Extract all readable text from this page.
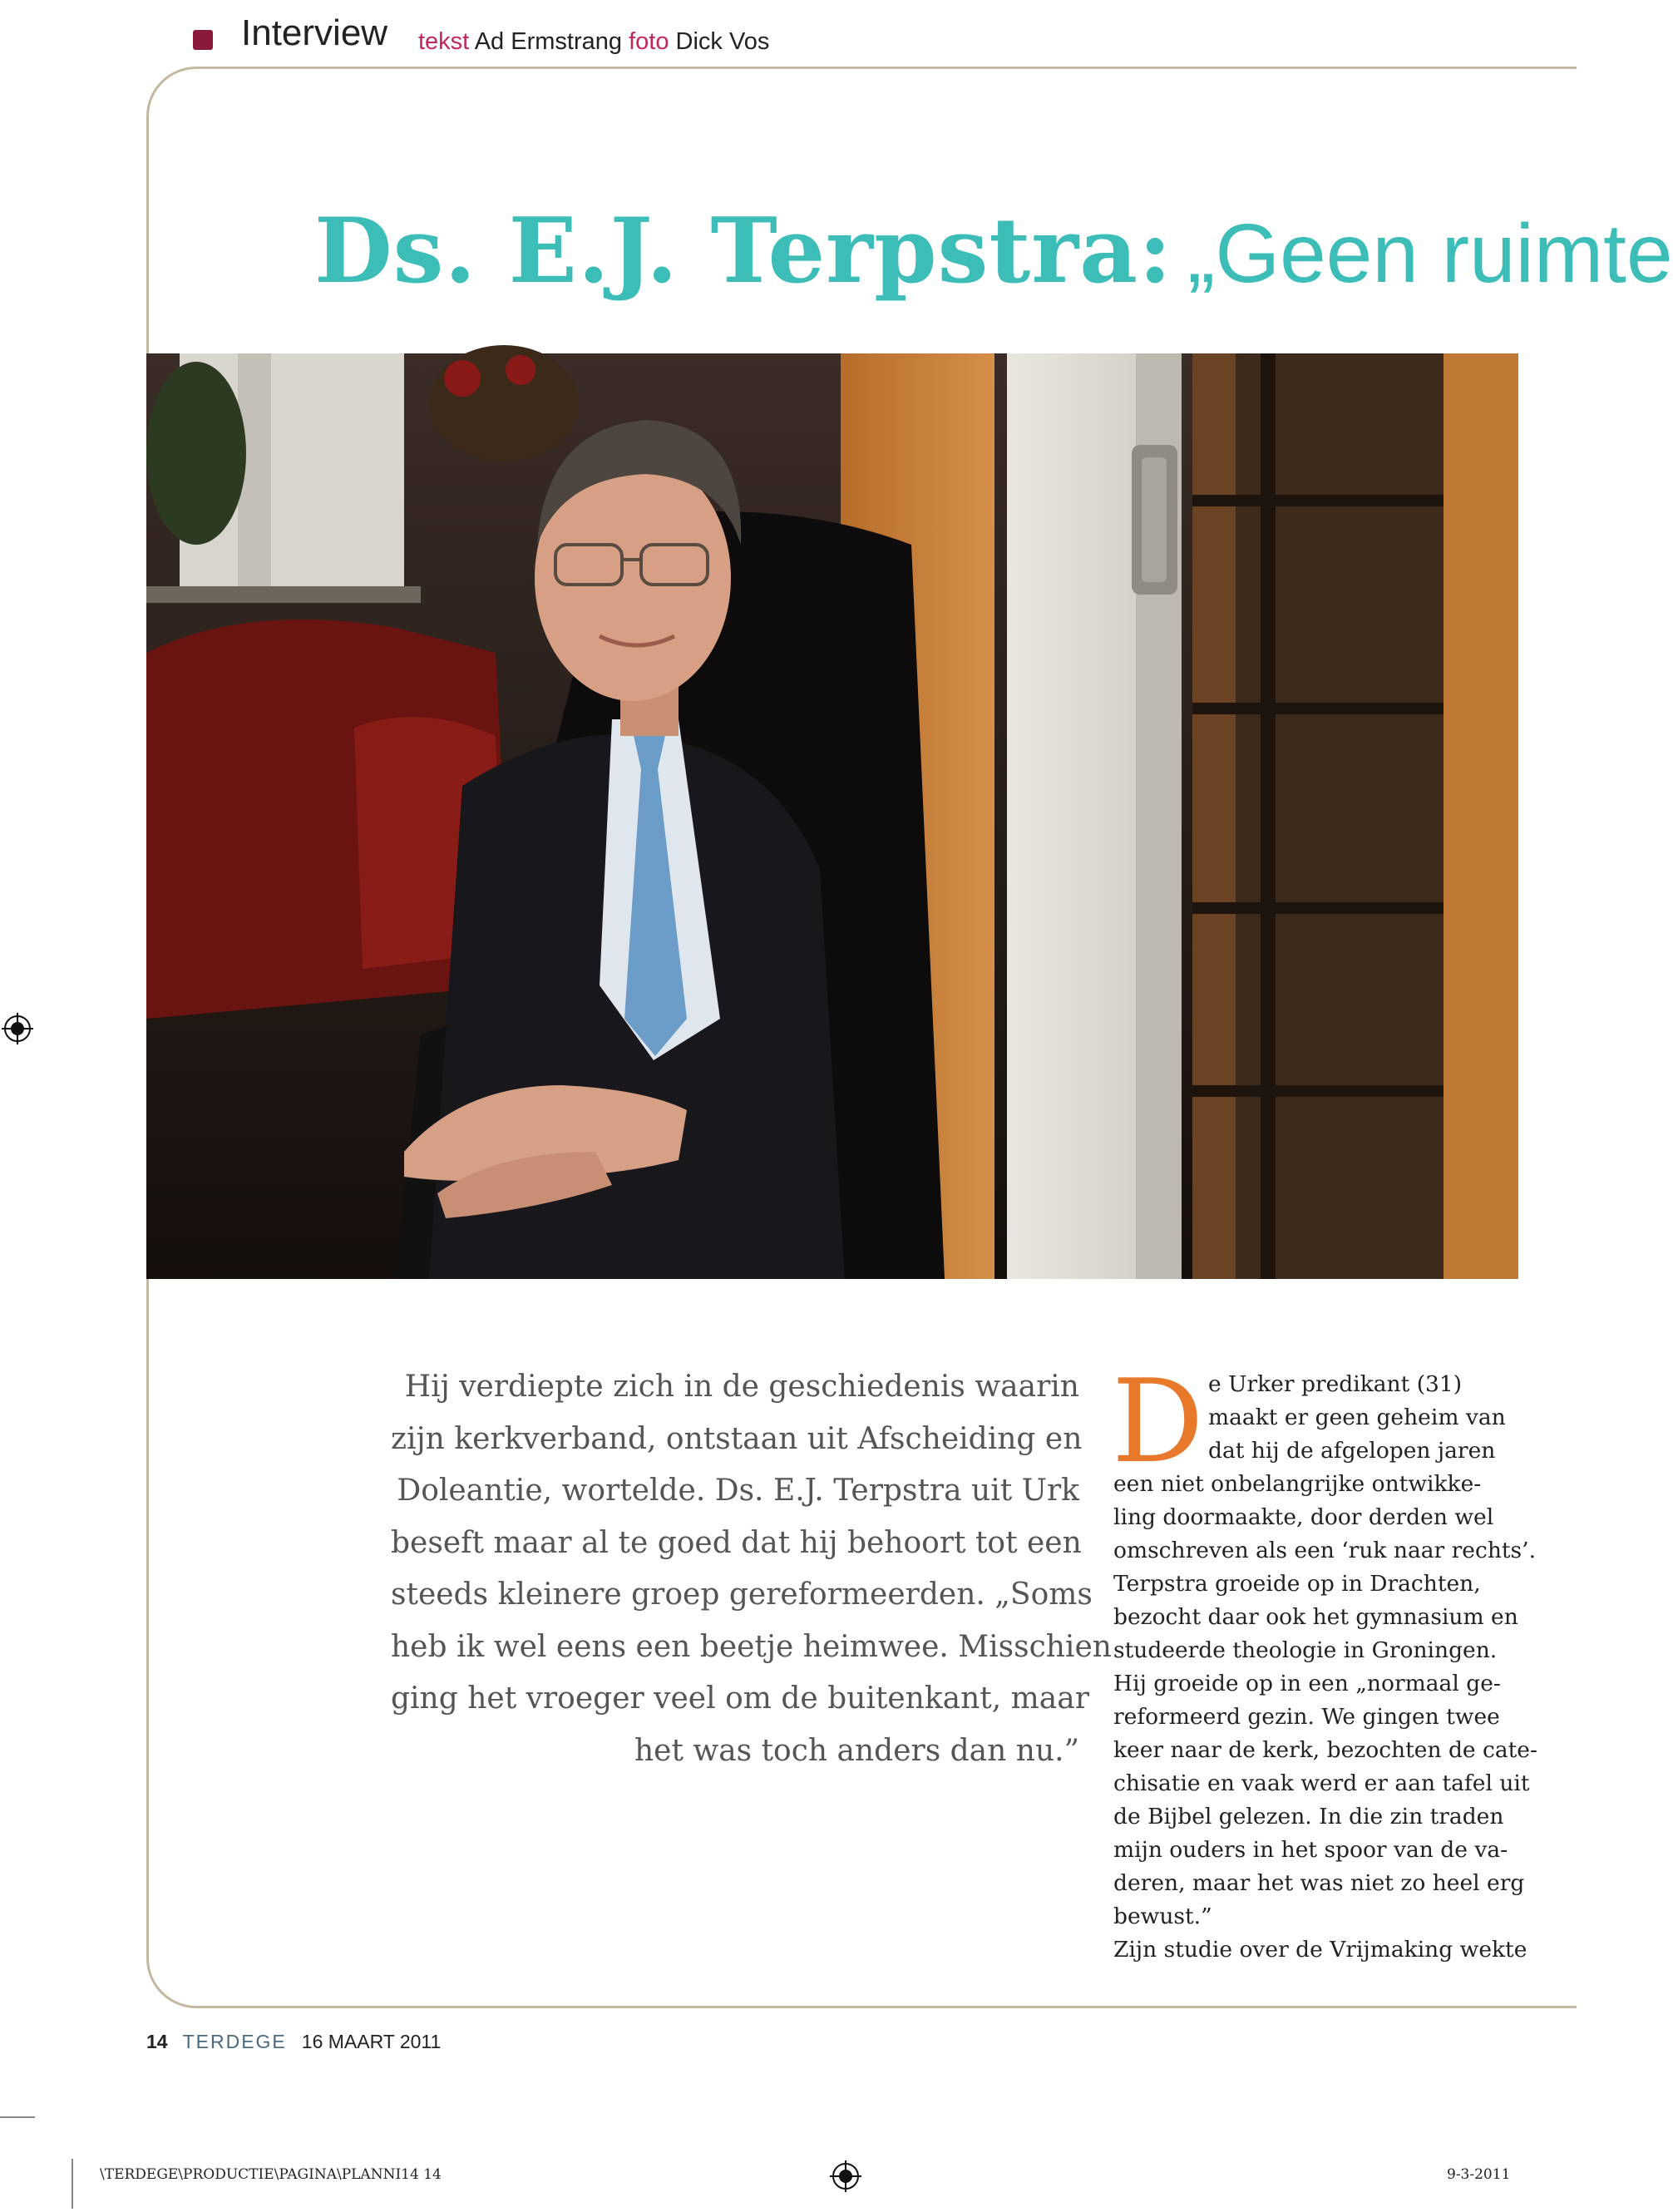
Interview tekst Ad Ermstrang foto Dick Vos
Ds. E.J. Terpstra: „Geen ruimte
Hij verdiepte zich in de geschiedenis waarin
zijn kerkverband, ontstaan uit Afscheiding en
Doleantie, wortelde. Ds. E.J. Terpstra uit Urk
beseft maar al te goed dat hij behoort tot een
steeds kleinere groep gereformeerden. „Soms
heb ik wel eens een beetje heimwee. Misschien
ging het vroeger veel om de buitenkant, maar
het was toch anders dan nu.”
D e Urker predikant (31)
maakt er geen geheim van
dat hij de afgelopen jaren
een niet onbelangrijke ontwikke-
ling doormaakte, door derden wel
omschreven als een ‘ruk naar rechts’.
Terpstra groeide op in Drachten,
bezocht daar ook het gymnasium en
studeerde theologie in Groningen.
Hij groeide op in een „normaal ge-
reformeerd gezin. We gingen twee
keer naar de kerk, bezochten de cate-
chisatie en vaak werd er aan tafel uit
de Bijbel gelezen. In die zin traden
mijn ouders in het spoor van de va-
deren, maar het was niet zo heel erg
bewust.”
Zijn studie over de Vrijmaking wekte
14 TERDEGE 16 MAART 2011
\TERDEGE\PRODUCTIE\PAGINA\PLANNI14 14	9-3-2011
